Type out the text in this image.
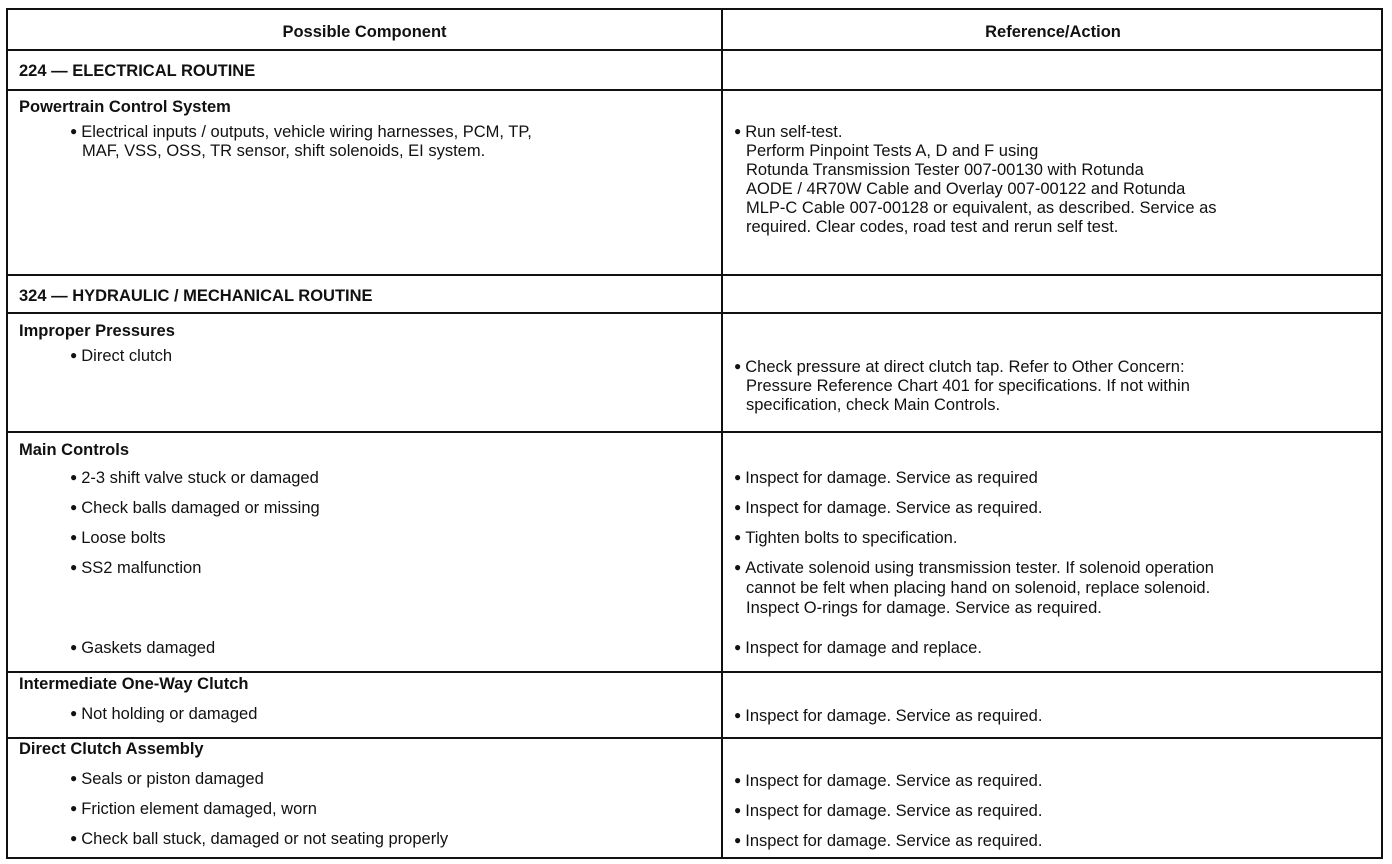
Possible Component	Reference/Action
224 — ELECTRICAL ROUTINE
Powertrain Control System
● Electrical inputs / outputs, vehicle wiring harnesses, PCM, TP,
MAF, VSS, OSS, TR sensor, shift solenoids, EI system.
● Run self-test.
Perform Pinpoint Tests A, D and F using
Rotunda Transmission Tester 007-00130 with Rotunda
AODE / 4R70W Cable and Overlay 007-00122 and Rotunda
MLP-C Cable 007-00128 or equivalent, as described. Service as
required. Clear codes, road test and rerun self test.
324 — HYDRAULIC / MECHANICAL ROUTINE
Improper Pressures
● Direct clutch
● Check pressure at direct clutch tap. Refer to Other Concern:
Pressure Reference Chart 401 for specifications. If not within
specification, check Main Controls.
Main Controls
● 2-3 shift valve stuck or damaged
● Check balls damaged or missing
● Loose bolts
● SS2 malfunction
● Gaskets damaged
● Inspect for damage. Service as required
● Inspect for damage. Service as required.
● Tighten bolts to specification.
● Activate solenoid using transmission tester. If solenoid operation
cannot be felt when placing hand on solenoid, replace solenoid.
Inspect O-rings for damage. Service as required.
● Inspect for damage and replace.
Intermediate One-Way Clutch
● Not holding or damaged
●	Inspect for damage. Service as required.
Direct Clutch Assembly
● Seals or piston damaged
● Friction element damaged, worn
● Check ball stuck, damaged or not seating properly
● Inspect for damage. Service as required.
● Inspect for damage. Service as required.
● Inspect for damage. Service as required.
